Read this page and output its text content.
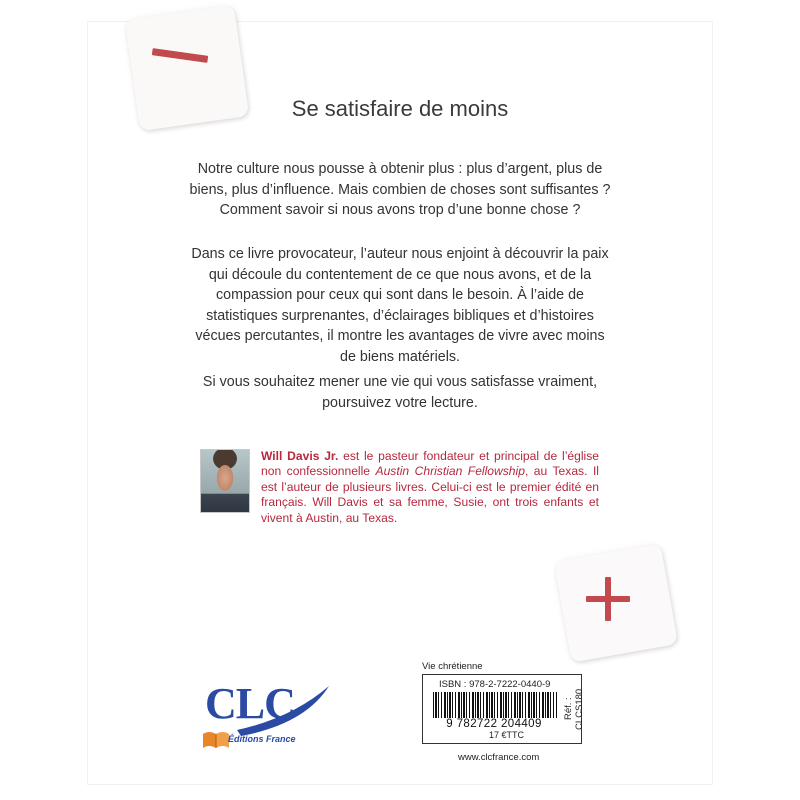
Se satisfaire de moins
Notre culture nous pousse à obtenir plus : plus d’argent, plus de biens, plus d’influence. Mais combien de choses sont suffisantes ? Comment savoir si nous avons trop d’une bonne chose ?
Dans ce livre provocateur, l’auteur nous enjoint à découvrir la paix qui découle du contentement de ce que nous avons, et de la compassion pour ceux qui sont dans le besoin. À l’aide de statistiques surprenantes, d’éclairages bibliques et d’histoires vécues percutantes, il montre les avantages de vivre avec moins de biens matériels.
Si vous souhaitez mener une vie qui vous satisfasse vraiment, poursuivez votre lecture.
Will Davis Jr. est le pasteur fondateur et principal de l’église non confessionnelle Austin Christian Fellowship, au Texas. Il est l’auteur de plusieurs livres. Celui-ci est le premier édité en français. Will Davis et sa femme, Susie, ont trois enfants et vivent à Austin, au Texas.
CLC
Éditions France
Vie chrétienne
ISBN : 978-2-7222-0440-9
9 782722 204409
17 €TTC
Réf. : CLCS180
www.clcfrance.com
